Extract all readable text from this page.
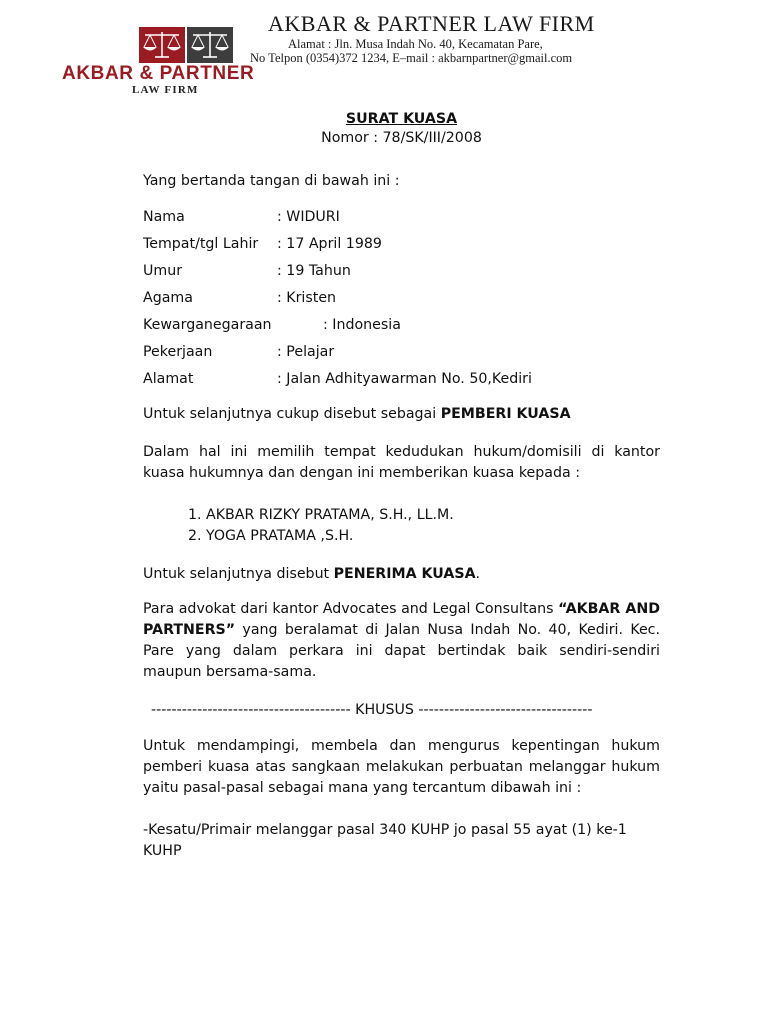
AKBAR & PARTNER
LAW FIRM
AKBAR & PARTNER LAW FIRM
Alamat : Jln. Musa Indah No. 40, Kecamatan Pare,
No Telpon (0354)372 1234, E–mail : akbarnpartner@gmail.com
SURAT KUASA
Nomor : 78/SK/III/2008

Yang bertanda tangan di bawah ini :

Nama	: WIDURI
Tempat/tgl Lahir	: 17 April 1989
Umur	: 19 Tahun
Agama	: Kristen
Kewarganegaraan	: Indonesia
Pekerjaan	: Pelajar
Alamat	: Jalan Adhityawarman No. 50,Kediri

Untuk selanjutnya cukup disebut sebagai PEMBERI KUASA

Dalam hal ini memilih tempat kedudukan hukum/domisili di kantor kuasa hukumnya dan dengan ini memberikan kuasa kepada :

1. AKBAR RIZKY PRATAMA, S.H., LL.M.
2. YOGA PRATAMA ,S.H.

Untuk selanjutnya disebut PENERIMA KUASA.

Para advokat dari kantor Advocates and Legal Consultans “AKBAR AND PARTNERS” yang beralamat di Jalan Nusa Indah No. 40, Kediri. Kec. Pare yang dalam perkara ini dapat bertindak baik sendiri-sendiri maupun bersama-sama.

--------------------------------------- KHUSUS ----------------------------------

Untuk mendampingi, membela dan mengurus kepentingan hukum pemberi kuasa atas sangkaan melakukan perbuatan melanggar hukum yaitu pasal-pasal sebagai mana yang tercantum dibawah ini :

-Kesatu/Primair melanggar pasal 340 KUHP jo pasal 55 ayat (1) ke-1 KUHP
